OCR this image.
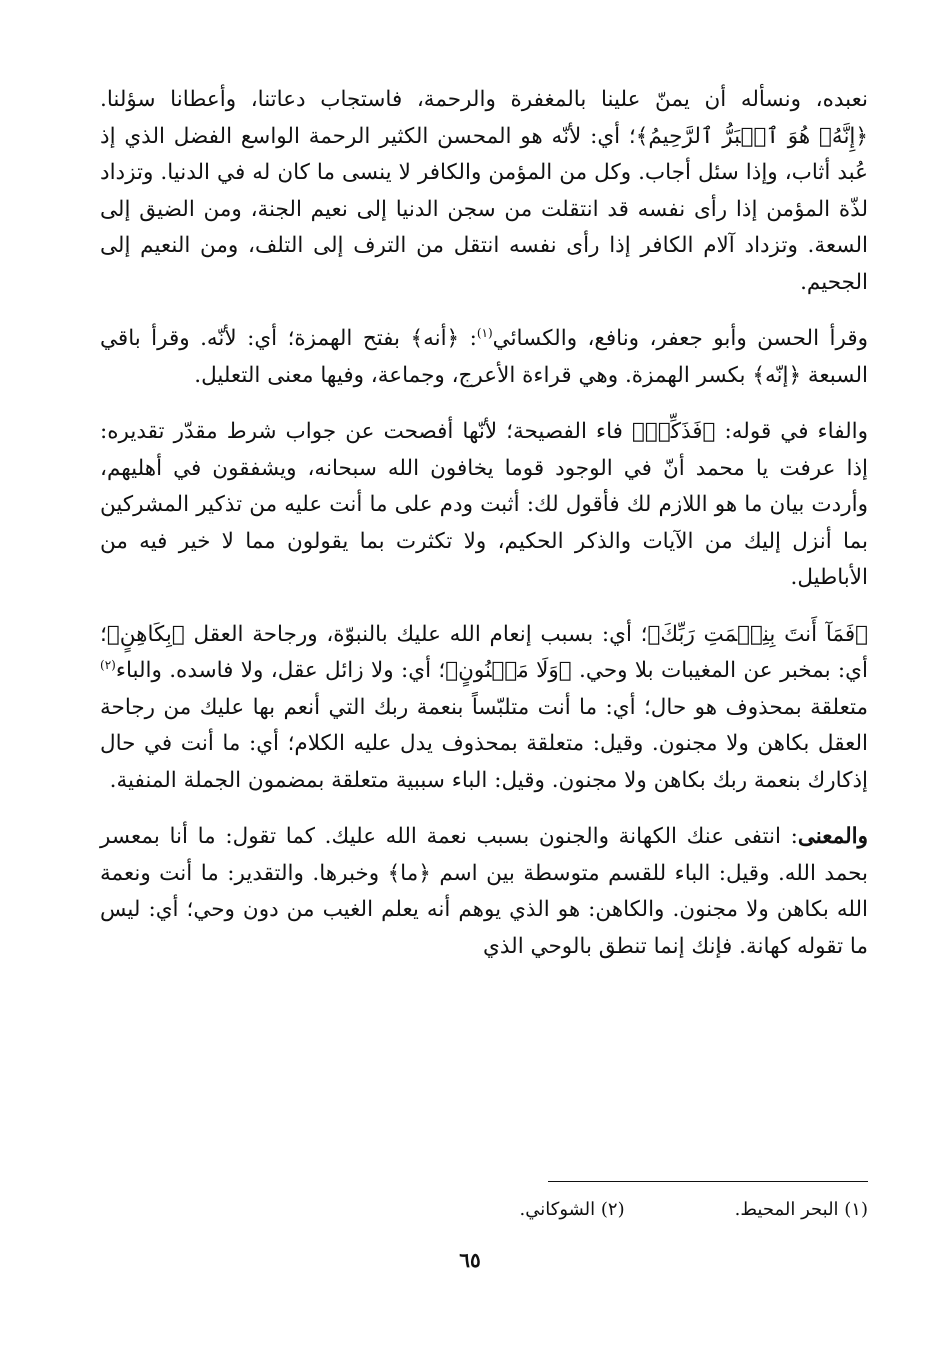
نعبده، ونسأله أن يمنّ علينا بالمغفرة والرحمة، فاستجاب دعاتنا، وأعطانا سؤلنا. ﴿إِنَّهُۥ هُوَ ٱلۡبَرُّ ٱلرَّحِيمُ﴾؛ أي: لأنّه هو المحسن الكثير الرحمة الواسع الفضل الذي إذ عُبد أثاب، وإذا سئل أجاب. وكل من المؤمن والكافر لا ينسى ما كان له في الدنيا. وتزداد لذّة المؤمن إذا رأى نفسه قد انتقلت من سجن الدنيا إلى نعيم الجنة، ومن الضيق إلى السعة. وتزداد آلام الكافر إذا رأى نفسه انتقل من الترف إلى التلف، ومن النعيم إلى الجحيم.

وقرأ الحسن وأبو جعفر، ونافع، والكسائي$^{(١)}$: ﴿أنه﴾ بفتح الهمزة؛ أي: لأنّه. وقرأ باقي السبعة ﴿إنّه﴾ بكسر الهمزة. وهي قراءة الأعرج، وجماعة، وفيها معنى التعليل.

والفاء في قوله: ﴿فَذَكِّرۡ﴾ فاء الفصيحة؛ لأنّها أفصحت عن جواب شرط مقدّر تقديره: إذا عرفت يا محمد أنّ في الوجود قوما يخافون الله سبحانه، ويشفقون في أهليهم، وأردت بيان ما هو اللازم لك فأقول لك: أثبت ودم على ما أنت عليه من تذكير المشركين بما أنزل إليك من الآيات والذكر الحكيم، ولا تكثرت بما يقولون مما لا خير فيه من الأباطيل.

﴿فَمَآ أَنتَ بِنِعۡمَتِ رَبِّكَ﴾؛ أي: بسبب إنعام الله عليك بالنبوّة، ورجاحة العقل ﴿بِكَاهِنٍ﴾؛ أي: بمخبر عن المغيبات بلا وحي. ﴿وَلَا مَجۡنُونٍ﴾؛ أي: ولا زائل عقل، ولا فاسده. والباء$^{(٢)}$ متعلقة بمحذوف هو حال؛ أي: ما أنت متلبّساً بنعمة ربك التي أنعم بها عليك من رجاحة العقل بكاهن ولا مجنون. وقيل: متعلقة بمحذوف يدل عليه الكلام؛ أي: ما أنت في حال إذكارك بنعمة ربك بكاهن ولا مجنون. وقيل: الباء سببية متعلقة بمضمون الجملة المنفية.

والمعنى: انتفى عنك الكهانة والجنون بسبب نعمة الله عليك. كما تقول: ما أنا بمعسر بحمد الله. وقيل: الباء للقسم متوسطة بين اسم ﴿ما﴾ وخبرها. والتقدير: ما أنت ونعمة الله بكاهن ولا مجنون. والكاهن: هو الذي يوهم أنه يعلم الغيب من دون وحي؛ أي: ليس ما تقوله كهانة. فإنك إنما تنطق بالوحي الذي

(١) البحر المحيط.
(٢) الشوكاني.
٦٥
